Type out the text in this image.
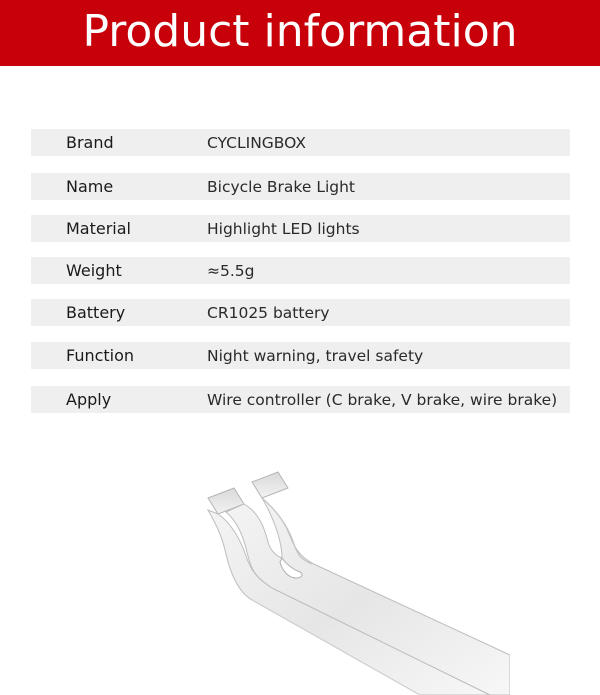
Product information
Brand	CYCLINGBOX
Name	Bicycle Brake Light
Material	Highlight LED lights
Weight	≈5.5g
Battery	CR1025 battery
Function	Night warning, travel safety
Apply	Wire controller (C brake, V brake, wire brake)
